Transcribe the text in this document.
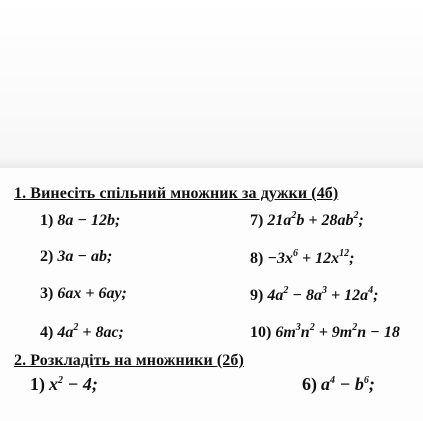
1. Винесіть спільний множник за дужки (4б)
1) 8a − 12b;
2) 3a − ab;
3) 6ax + 6ay;
4) $4a^2 + 8ac$;
7) $21a^2b + 28ab^2$;
$8) -3x^6 + 12x^{12}$;
9) $4a^2 - 8a^3 + 12a^4$;
10) $6m^3n^2 + 9m^2n - 18$
2. Розкладіть на множники (2б)
1) $x^2 - 4$;	6) $a^4 - b^6$;
